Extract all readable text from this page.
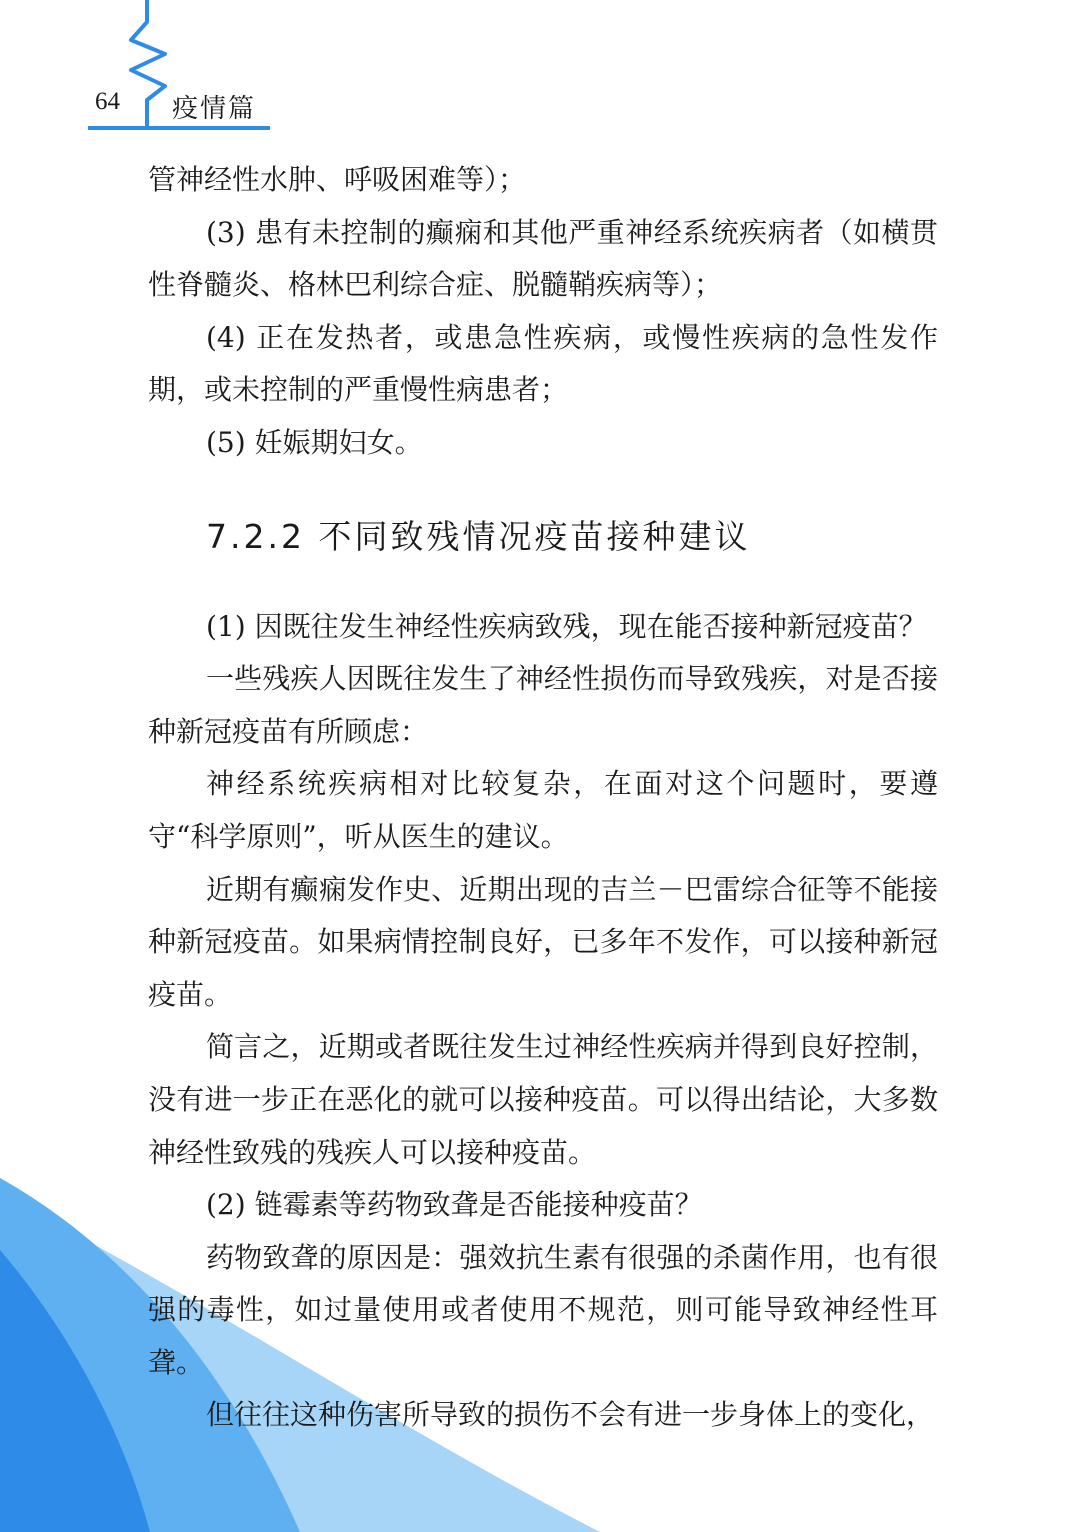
64 疫情篇

管神经性水肿、呼吸困难等）；

(3) 患有未控制的癫痫和其他严重神经系统疾病者（如横贯性脊髓炎、格林巴利综合症、脱髓鞘疾病等）；

(4) 正在发热者，或患急性疾病，或慢性疾病的急性发作期，或未控制的严重慢性病患者；

(5) 妊娠期妇女。

7.2.2 不同致残情况疫苗接种建议

(1) 因既往发生神经性疾病致残，现在能否接种新冠疫苗？

一些残疾人因既往发生了神经性损伤而导致残疾，对是否接种新冠疫苗有所顾虑：

神经系统疾病相对比较复杂，在面对这个问题时，要遵守“科学原则”，听从医生的建议。

近期有癫痫发作史、近期出现的吉兰－巴雷综合征等不能接种新冠疫苗。如果病情控制良好，已多年不发作，可以接种新冠疫苗。

简言之，近期或者既往发生过神经性疾病并得到良好控制，没有进一步正在恶化的就可以接种疫苗。可以得出结论，大多数神经性致残的残疾人可以接种疫苗。

(2) 链霉素等药物致聋是否能接种疫苗？

药物致聋的原因是：强效抗生素有很强的杀菌作用，也有很强的毒性，如过量使用或者使用不规范，则可能导致神经性耳聋。

但往往这种伤害所导致的损伤不会有进一步身体上的变化，
